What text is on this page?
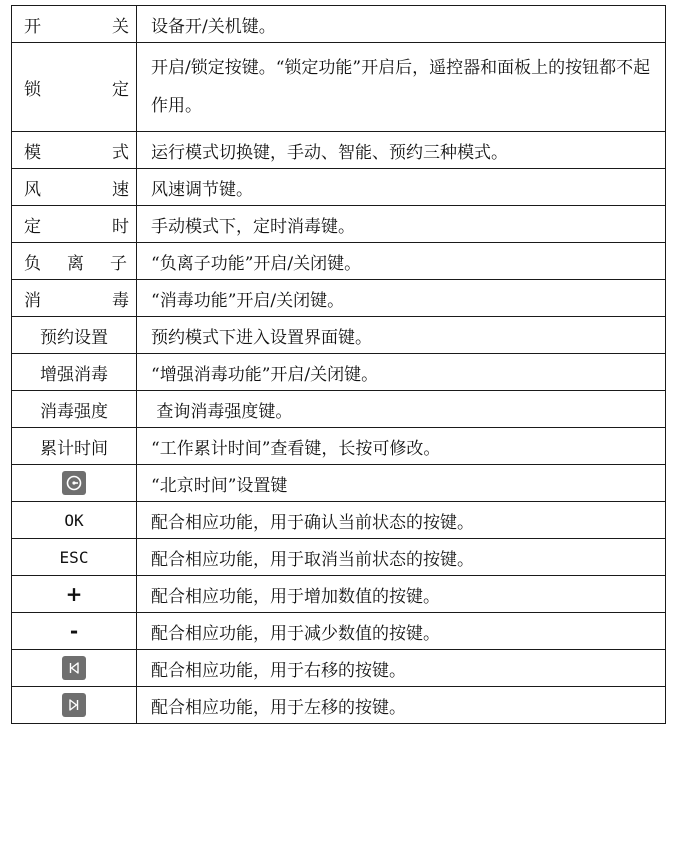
开关	设备开/关机键。

锁定	开启/锁定按键。“锁定功能”开启后，遥控器和面板上的按钮都不起作用。

模式	运行模式切换键，手动、智能、预约三种模式。

风速	风速调节键。

定时	手动模式下，定时消毒键。

负离子	“负离子功能”开启/关闭键。

消毒	“消毒功能”开启/关闭键。

预约设置	预约模式下进入设置界面键。

增强消毒	“增强消毒功能”开启/关闭键。

消毒强度	查询消毒强度键。

累计时间	“工作累计时间”查看键，长按可修改。

	“北京时间”设置键

OK	配合相应功能，用于确认当前状态的按键。

ESC	配合相应功能，用于取消当前状态的按键。

+	配合相应功能，用于增加数值的按键。

-	配合相应功能，用于减少数值的按键。

	配合相应功能，用于右移的按键。

	配合相应功能，用于左移的按键。
